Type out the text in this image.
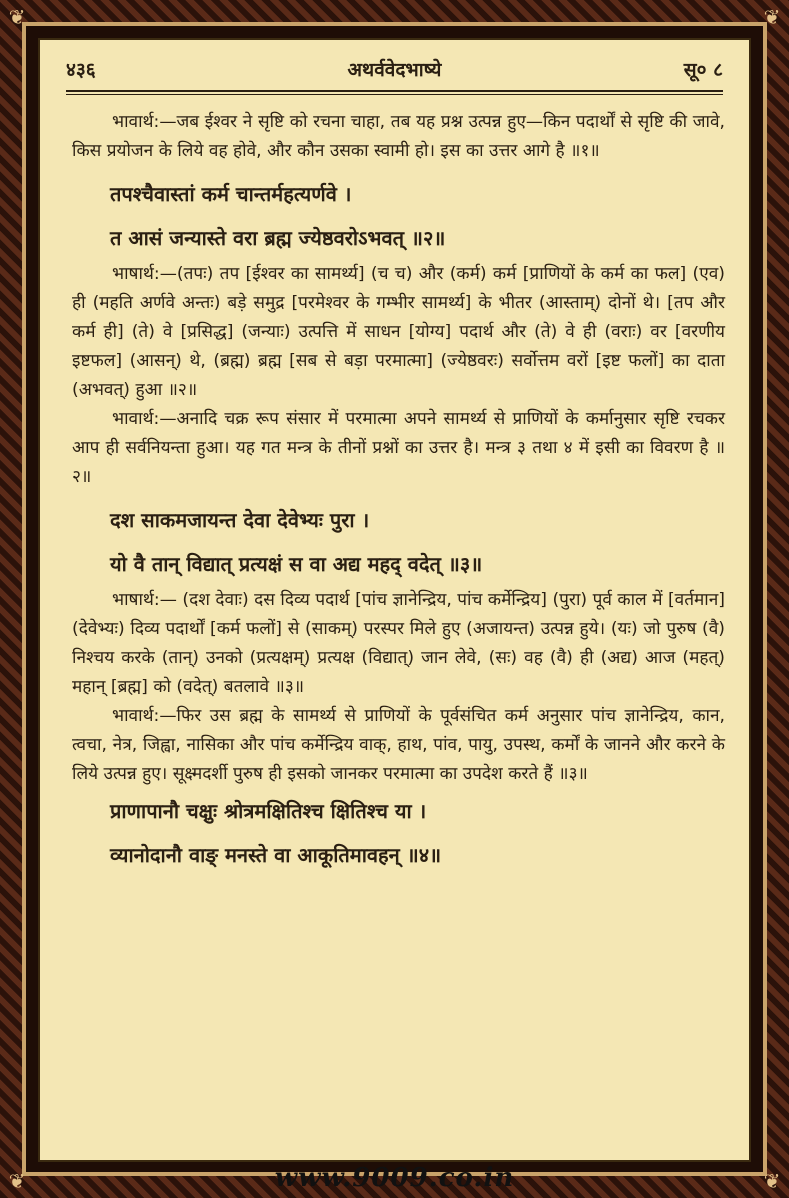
❦	❦
❦	❦
४३६	अथर्ववेदभाष्ये	सू० ८

भावार्थ:—जब ईश्वर ने सृष्टि को रचना चाहा, तब यह प्रश्न उत्पन्न हुए—किन पदार्थों से सृष्टि की जावे, किस प्रयोजन के लिये वह होवे, और कौन उसका स्वामी हो। इस का उत्तर आगे है ॥१॥

तपश्चैवास्तां कर्म चान्तर्महत्यर्णवे ।

त आसं जन्यास्ते वरा ब्रह्म ज्येष्ठवरोऽभवत् ॥२॥

भाषार्थ:—(तपः) तप [ईश्वर का सामर्थ्य] (च च) और (कर्म) कर्म [प्राणियों के कर्म का फल] (एव) ही (महति अर्णवे अन्तः) बड़े समुद्र [परमेश्वर के गम्भीर सामर्थ्य] के भीतर (आस्ताम्) दोनों थे। [तप और कर्म ही] (ते) वे [प्रसिद्ध] (जन्याः) उत्पत्ति में साधन [योग्य] पदार्थ और (ते) वे ही (वराः) वर [वरणीय इष्टफल] (आसन्) थे, (ब्रह्म) ब्रह्म [सब से बड़ा परमात्मा] (ज्येष्ठवरः) सर्वोत्तम वरों [इष्ट फलों] का दाता (अभवत्) हुआ ॥२॥

भावार्थ:—अनादि चक्र रूप संसार में परमात्मा अपने सामर्थ्य से प्राणियों के कर्मानुसार सृष्टि रचकर आप ही सर्वनियन्ता हुआ। यह गत मन्त्र के तीनों प्रश्नों का उत्तर है। मन्त्र ३ तथा ४ में इसी का विवरण है ॥२॥

दश साकमजायन्त देवा देवेभ्यः पुरा ।

यो वै तान् विद्यात् प्रत्यक्षं स वा अद्य महद् वदेत् ॥३॥

भाषार्थ:— (दश देवाः) दस दिव्य पदार्थ [पांच ज्ञानेन्द्रिय, पांच कर्मेन्द्रिय] (पुरा) पूर्व काल में [वर्तमान] (देवेभ्यः) दिव्य पदार्थों [कर्म फलों] से (साकम्) परस्पर मिले हुए (अजायन्त) उत्पन्न हुये। (यः) जो पुरुष (वै) निश्चय करके (तान्) उनको (प्रत्यक्षम्) प्रत्यक्ष (विद्यात्) जान लेवे, (सः) वह (वै) ही (अद्य) आज (महत्) महान् [ब्रह्म] को (वदेत्) बतलावे ॥३॥

भावार्थ:—फिर उस ब्रह्म के सामर्थ्य से प्राणियों के पूर्वसंचित कर्म अनुसार पांच ज्ञानेन्द्रिय, कान, त्वचा, नेत्र, जिह्वा, नासिका और पांच कर्मेन्द्रिय वाक्, हाथ, पांव, पायु, उपस्थ, कर्मों के जानने और करने के लिये उत्पन्न हुए। सूक्ष्मदर्शी पुरुष ही इसको जानकर परमात्मा का उपदेश करते हैं ॥३॥

प्राणापानौ चक्षुः श्रोत्रमक्षितिश्च क्षितिश्च या ।

व्यानोदानौ वाङ् मनस्ते वा आकूतिमावहन् ॥४॥

www.9009.co.in
